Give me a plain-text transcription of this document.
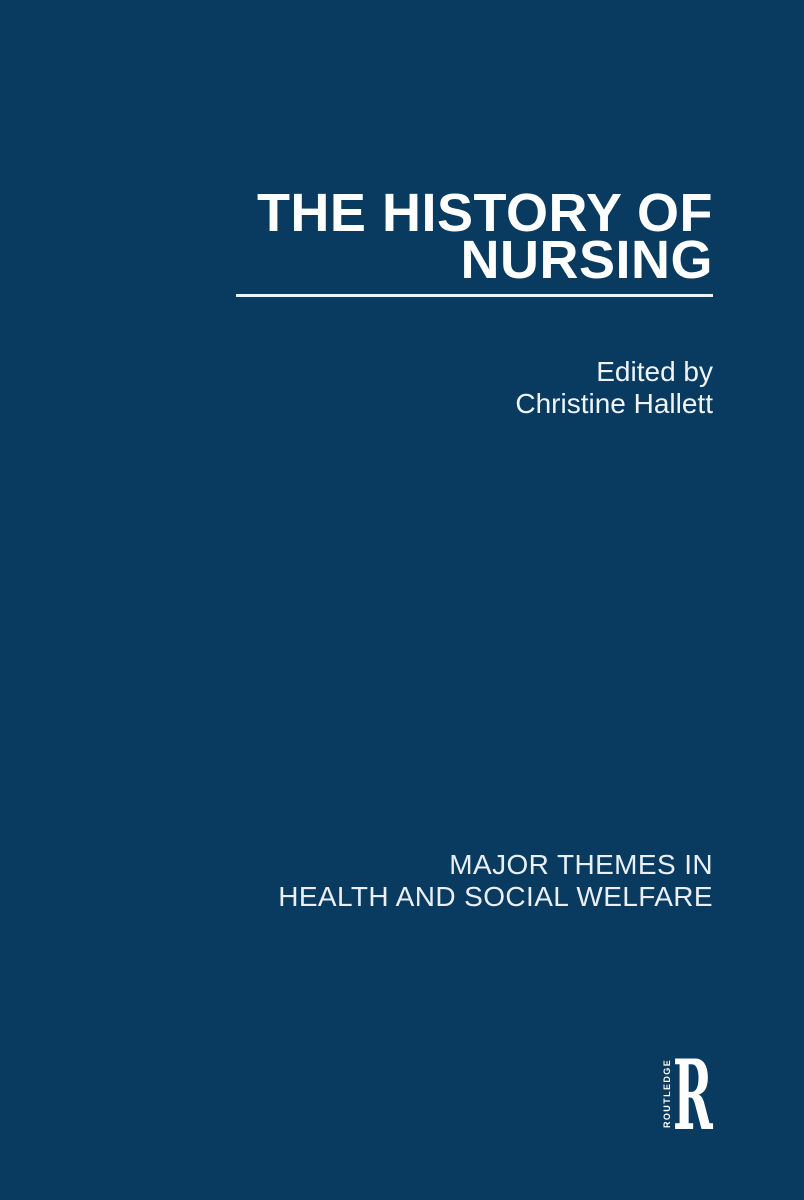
THE HISTORY OF
NURSING
Edited by
Christine Hallett
MAJOR THEMES IN
HEALTH AND SOCIAL WELFARE
ROUTLEDGE R
